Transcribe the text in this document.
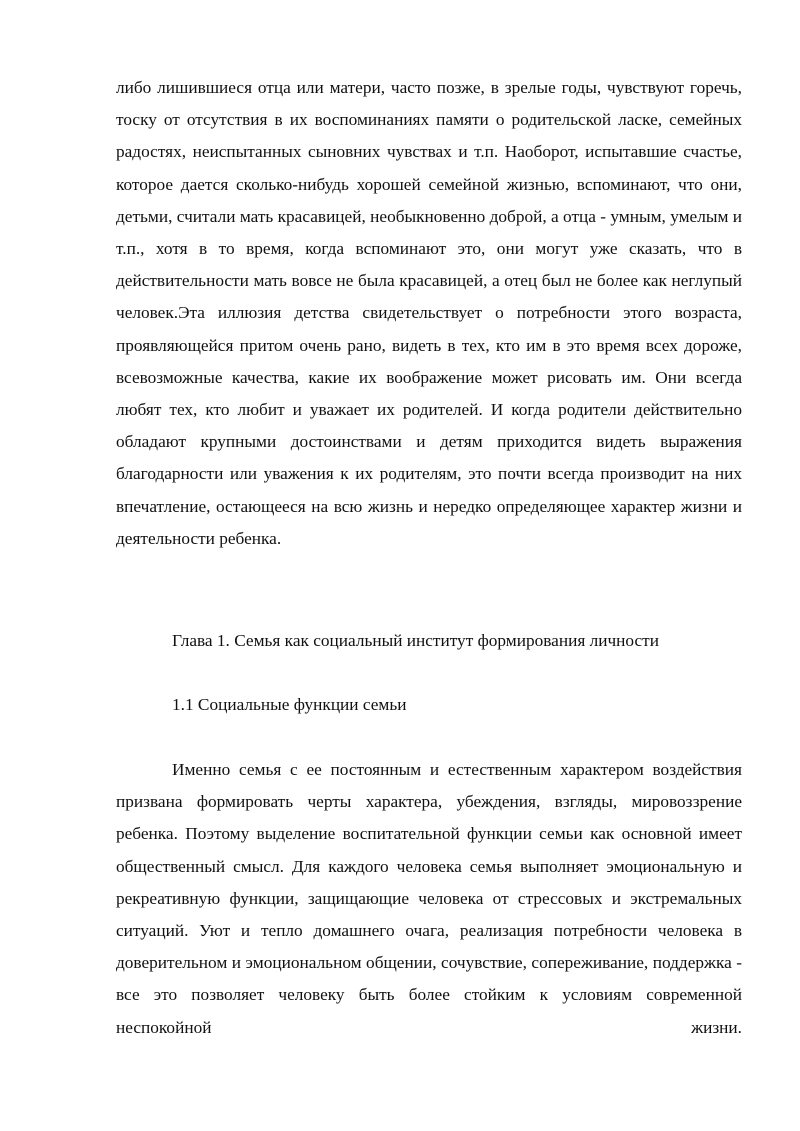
либо лишившиеся отца или матери, часто позже, в зрелые годы, чувствуют горечь, тоску от отсутствия в их воспоминаниях памяти о родительской ласке, семейных радостях, неиспытанных сыновних чувствах и т.п. Наоборот, испытавшие счастье, которое дается сколько-нибудь хорошей семейной жизнью, вспоминают, что они, детьми, считали мать красавицей, необыкновенно доброй, а отца - умным, умелым и т.п., хотя в то время, когда вспоминают это, они могут уже сказать, что в действительности мать вовсе не была красавицей, а отец был не более как неглупый человек.Эта иллюзия детства свидетельствует о потребности этого возраста, проявляющейся притом очень рано, видеть в тех, кто им в это время всех дороже, всевозможные качества, какие их воображение может рисовать им. Они всегда любят тех, кто любит и уважает их родителей. И когда родители действительно обладают крупными достоинствами и детям приходится видеть выражения благодарности или уважения к их родителям, это почти всегда производит на них впечатление, остающееся на всю жизнь и нередко определяющее характер жизни и деятельности ребенка.

Глава 1. Семья как социальный институт формирования личности
1.1 Социальные функции семьи

Именно семья с ее постоянным и естественным характером воздействия призвана формировать черты характера, убеждения, взгляды, мировоззрение ребенка. Поэтому выделение воспитательной функции семьи как основной имеет общественный смысл. Для каждого человека семья выполняет эмоциональную и рекреативную функции, защищающие человека от стрессовых и экстремальных ситуаций. Уют и тепло домашнего очага, реализация потребности человека в доверительном и эмоциональном общении, сочувствие, сопереживание, поддержка - все это позволяет человеку быть более стойким к условиям современной неспокойной жизни.
